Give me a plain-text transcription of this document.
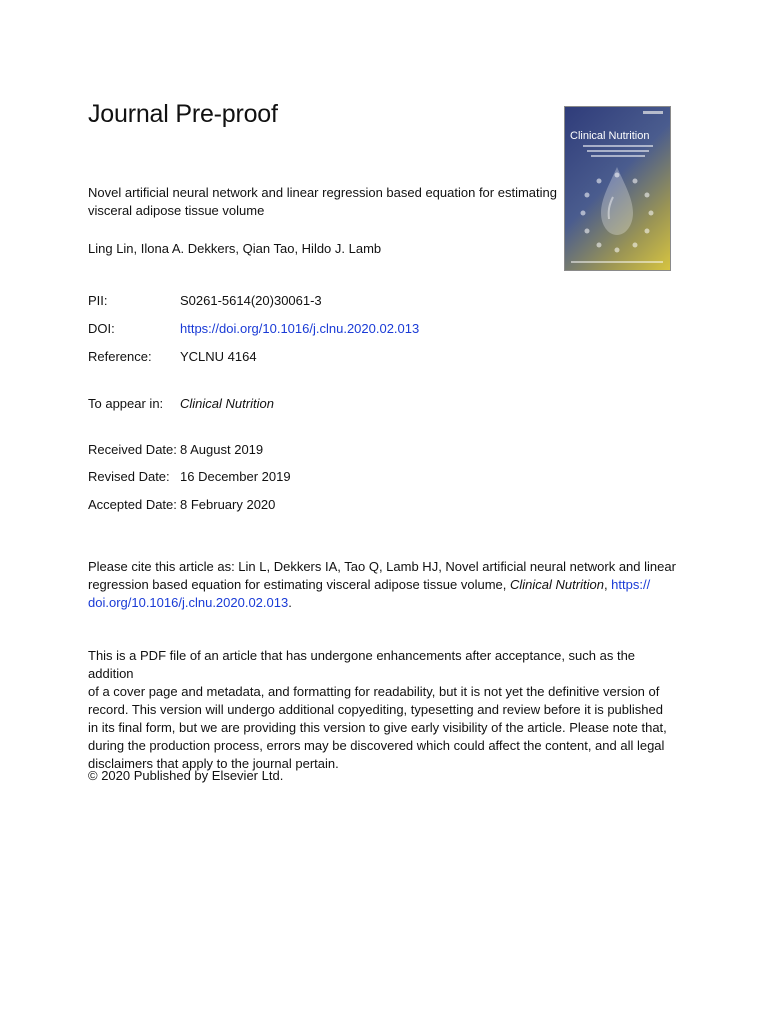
Journal Pre-proof
Clinical Nutrition
Novel artificial neural network and linear regression based equation for estimating
visceral adipose tissue volume
Ling Lin, Ilona A. Dekkers, Qian Tao, Hildo J. Lamb
PII:	S0261-5614(20)30061-3
DOI:	https://doi.org/10.1016/j.clnu.2020.02.013
Reference: YCLNU 4164
To appear in: Clinical Nutrition
Received Date: 8 August 2019
Revised Date: 16 December 2019
Accepted Date: 8 February 2020
Please cite this article as: Lin L, Dekkers IA, Tao Q, Lamb HJ, Novel artificial neural network and linear
regression based equation for estimating visceral adipose tissue volume, Clinical Nutrition, https://
doi.org/10.1016/j.clnu.2020.02.013.
This is a PDF file of an article that has undergone enhancements after acceptance, such as the addition
of a cover page and metadata, and formatting for readability, but it is not yet the definitive version of
record. This version will undergo additional copyediting, typesetting and review before it is published
in its final form, but we are providing this version to give early visibility of the article. Please note that,
during the production process, errors may be discovered which could affect the content, and all legal
disclaimers that apply to the journal pertain.
© 2020 Published by Elsevier Ltd.
